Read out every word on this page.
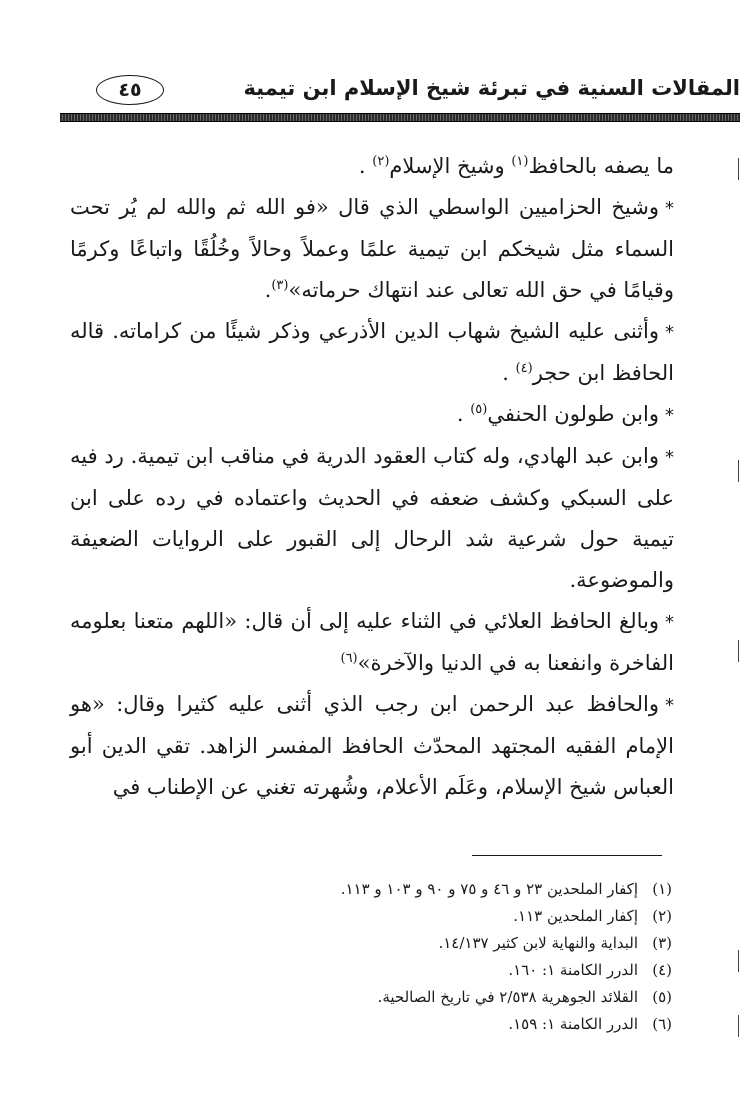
المقالات السنية في تبرئة شيخ الإسلام ابن تيمية
٤٥

ما يصفه بالحافظ$^{(١)}$ وشيخ الإسلام$^{(٢)}$ .

*وشيخ الحزاميين الواسطي الذي قال «فو الله ثم والله لم يُر تحت السماء مثل شيخكم ابن تيمية علمًا وعملاً وحالاً وخُلُقًا واتباعًا وكرمًا وقيامًا في حق الله تعالى عند انتهاك حرماته»$^{(٣)}$.

*وأثنى عليه الشيخ شهاب الدين الأذرعي وذكر شيئًا من كراماته. قاله الحافظ ابن حجر$^{(٤)}$ .

*وابن طولون الحنفي$^{(٥)}$ .

*وابن عبد الهادي، وله كتاب العقود الدرية في مناقب ابن تيمية. رد فيه على السبكي وكشف ضعفه في الحديث واعتماده في رده على ابن تيمية حول شرعية شد الرحال إلى القبور على الروايات الضعيفة والموضوعة.

*وبالغ الحافظ العلائي في الثناء عليه إلى أن قال: «اللهم متعنا بعلومه الفاخرة وانفعنا به في الدنيا والآخرة»$^{(٦)}$

*والحافظ عبد الرحمن ابن رجب الذي أثنى عليه كثيرا وقال: «هو الإمام الفقيه المجتهد المحدّث الحافظ المفسر الزاهد. تقي الدين أبو العباس شيخ الإسلام، وعَلَم الأعلام، وشُهرته تغني عن الإطناب في

(١)
إكفار الملحدين ٢٣ و ٤٦ و ٧٥ و ٩٠ و ١٠٣ و ١١٣.
(٢)
إكفار الملحدين ١١٣.
(٣)
البداية والنهاية لابن كثير ١٤/١٣٧.
(٤)
الدرر الكامنة ١: ١٦٠.
(٥)
القلائد الجوهرية ٢/٥٣٨ في تاريخ الصالحية.
(٦)
الدرر الكامنة ١: ١٥٩.
